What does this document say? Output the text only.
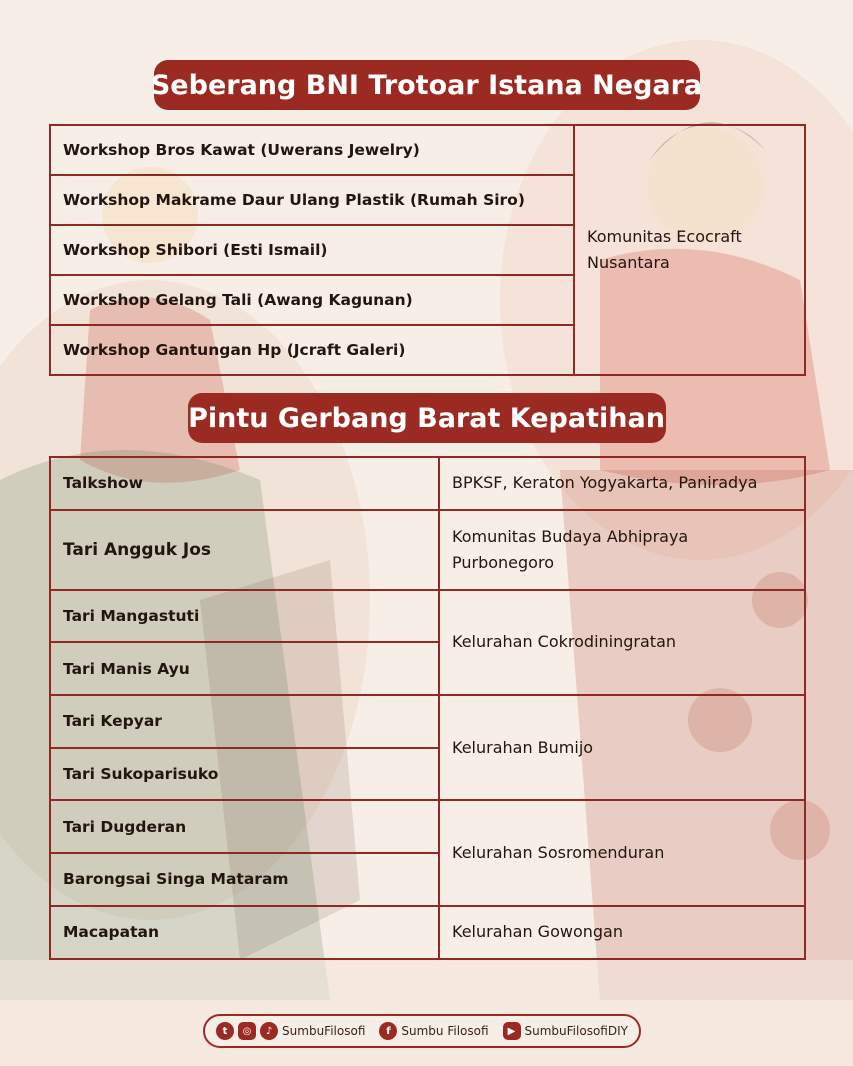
Seberang BNI Trotoar Istana Negara
Workshop Bros Kawat (Uwerans Jewelry)	Komunitas Ecocraft Nusantara
Workshop Makrame Daur Ulang Plastik (Rumah Siro)
Workshop Shibori (Esti Ismail)
Workshop Gelang Tali (Awang Kagunan)
Workshop Gantungan Hp (Jcraft Galeri)
Pintu Gerbang Barat Kepatihan
Talkshow	BPKSF, Keraton Yogyakarta, Paniradya
Tari Angguk Jos	Komunitas Budaya Abhipraya Purbonegoro
Tari Mangastuti	Kelurahan Cokrodiningratan
Tari Manis Ayu	
Tari Kepyar	Kelurahan Bumijo
Tari Sukoparisuko	
Tari Dugderan	Kelurahan Sosromenduran
Barongsai Singa Mataram	
Macapatan	Kelurahan Gowongan
t	◎	♪ SumbuFilosofi	f Sumbu Filosofi	▶ SumbuFilosofiDIY
